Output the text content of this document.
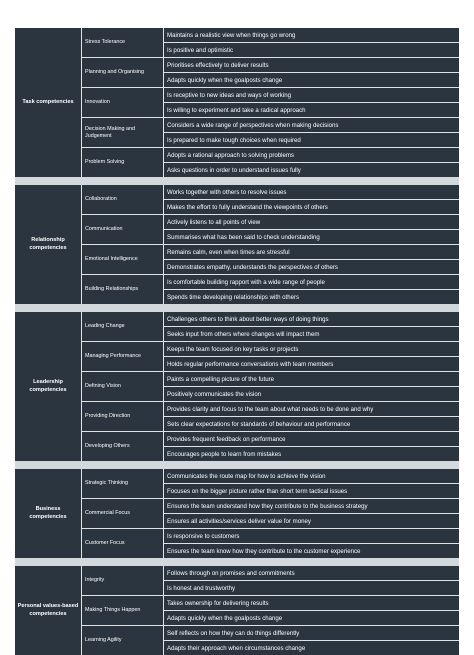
Task competencies
Stress Tolerance
Maintains a realistic view when things go wrong
Is positive and optimistic
Planning and Organising
Prioritises effectively to deliver results
Adapts quickly when the goalposts change
Innovation
Is receptive to new ideas and ways of working
Is willing to experiment and take a radical approach
Decision Making and Judgement
Considers a wide range of perspectives when making decisions
Is prepared to make tough choices when required
Problem Solving
Adopts a rational approach to solving problems
Asks questions in order to understand issues fully
Relationship competencies
Collaboration
Works together with others to resolve issues
Makes the effort to fully understand the viewpoints of others
Communication
Actively listens to all points of view
Summarises what has been said to check understanding
Emotional Intelligence
Remains calm, even when times are stressful
Demonstrates empathy, understands the perspectives of others
Building Relationships
Is comfortable building rapport with a wide range of people
Spends time developing relationships with others
Leadership competencies
Leading Change
Challenges others to think about better ways of doing things
Seeks input from others where changes will impact them
Managing Performance
Keeps the team focused on key tasks or projects
Holds regular performance conversations with team members
Defining Vision
Paints a compelling picture of the future
Positively communicates the vision
Providing Direction
Provides clarity and focus to the team about what needs to be done and why
Sets clear expectations for standards of behaviour and performance
Developing Others
Provides frequent feedback on performance
Encourages people to learn from mistakes
Business competencies
Strategic Thinking
Communicates the route map for how to achieve the vision
Focuses on the bigger picture rather than short term tactical issues
Commercial Focus
Ensures the team understand how they contribute to the business strategy
Ensures all activities/services deliver value for money
Customer Focus
Is responsive to customers
Ensures the team know how they contribute to the customer experience
Personal values-based competencies
Integrity
Follows through on promises and commitments
Is honest and trustworthy
Making Things Happen
Takes ownership for delivering results
Adapts quickly when the goalposts change
Learning Agility
Self reflects on how they can do things differently
Adapts their approach when circumstances change
